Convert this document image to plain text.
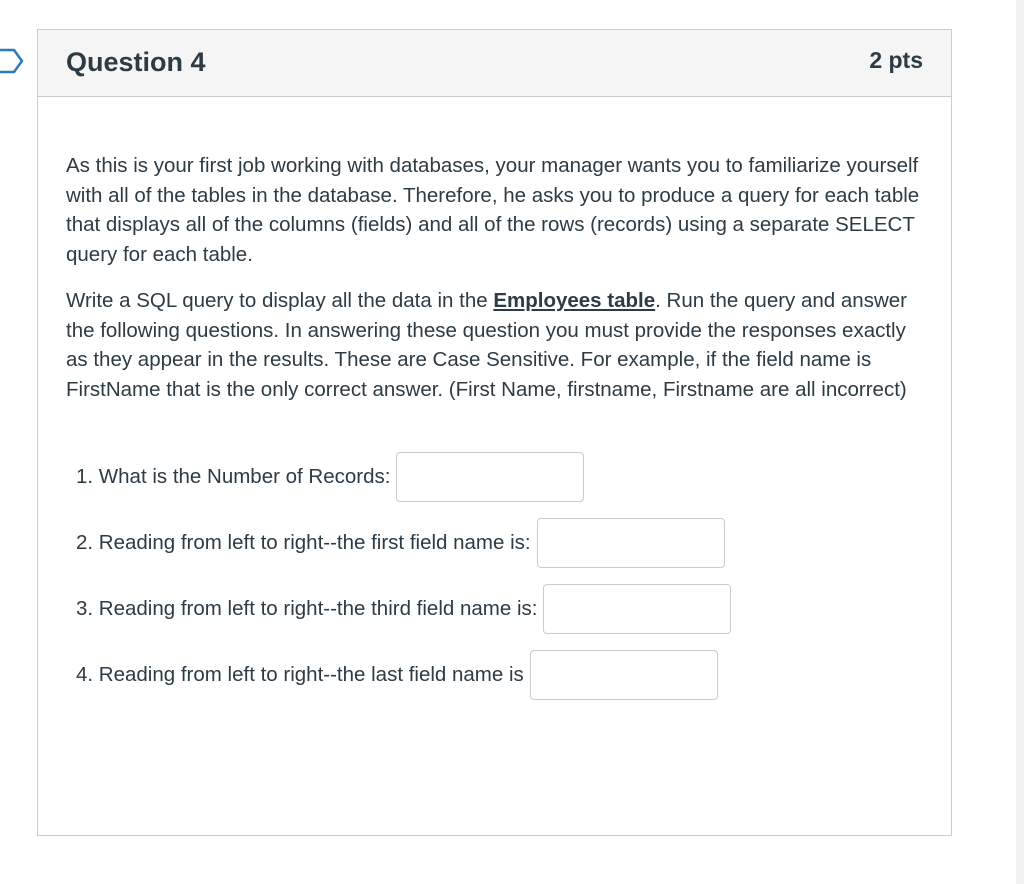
Question 4	2 pts

As this is your first job working with databases, your manager wants you to familiarize yourself with all of the tables in the database. Therefore, he asks you to produce a query for each table that displays all of the columns (fields) and all of the rows (records) using a separate SELECT query for each table.

Write a SQL query to display all the data in the Employees table. Run the query and answer the following questions. In answering these question you must provide the responses exactly as they appear in the results. These are Case Sensitive. For example, if the field name is FirstName that is the only correct answer. (First Name, firstname, Firstname are all incorrect)

1. What is the Number of Records:
2. Reading from left to right--the first field name is:
3. Reading from left to right--the third field name is:
4. Reading from left to right--the last field name is
